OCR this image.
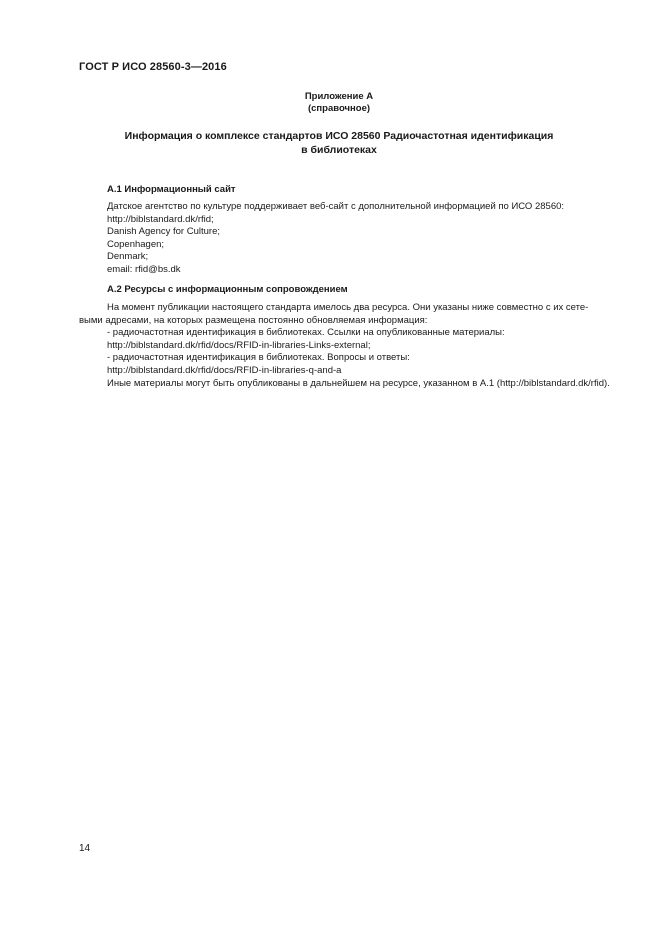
ГОСТ Р ИСО 28560-3—2016
Приложение А
(справочное)
Информация о комплексе стандартов ИСО 28560 Радиочастотная идентификация
в библиотеках
А.1 Информационный сайт
Датское агентство по культуре поддерживает веб-сайт с дополнительной информацией по ИСО 28560:
http://biblstandard.dk/rfid;
Danish Agency for Culture;
Copenhagen;
Denmark;
email: rfid@bs.dk
А.2 Ресурсы с информационным сопровождением
На момент публикации настоящего стандарта имелось два ресурса. Они указаны ниже совместно с их сете-
выми адресами, на которых размещена постоянно обновляемая информация:
- радиочастотная идентификация в библиотеках. Ссылки на опубликованные материалы:
http://biblstandard.dk/rfid/docs/RFID-in-libraries-Links-external;
- радиочастотная идентификация в библиотеках. Вопросы и ответы:
http://biblstandard.dk/rfid/docs/RFID-in-libraries-q-and-a
Иные материалы могут быть опубликованы в дальнейшем на ресурсе, указанном в А.1 (http://biblstandard.dk/rfid).
14
